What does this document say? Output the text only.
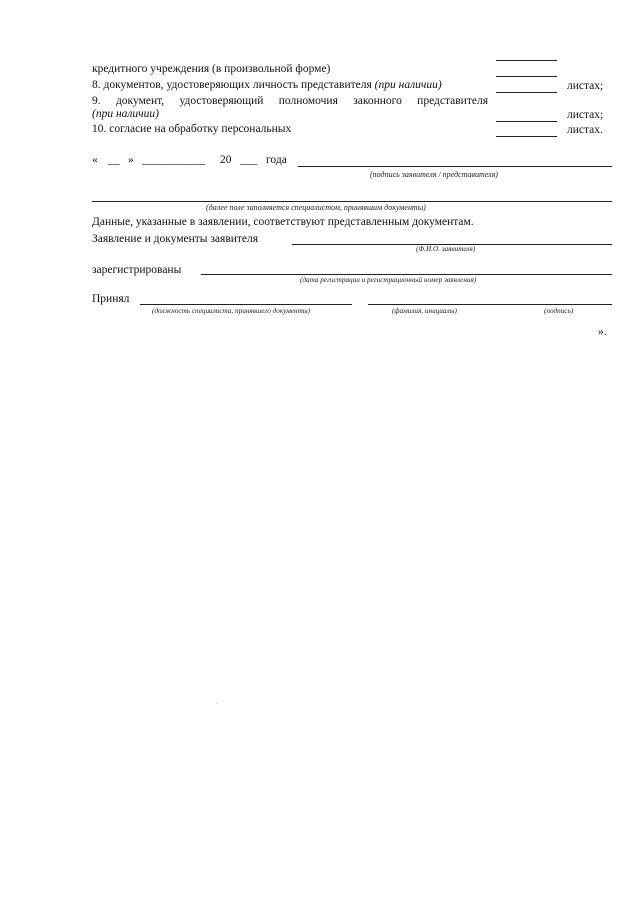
кредитного учреждения (в произвольной форме)
8. документов, удостоверяющих личность представителя (при наличии)	листах;
9. документ, удостоверяющий полномочия законного представителя
(при наличии)	листах;
10. согласие на обработку персональных	листах.
« __ » ___________ 20 ___ года
(подпись заявителя / представителя)
(далее поле заполняется специалистом, принявшим документы)
Данные, указанные в заявлении, соответствуют представленным документам.
Заявление и документы заявителя
(Ф.И.О. заявителя)
зарегистрированы
(дата регистрации и регистрационный номер заявления)
Принял
(должность специалиста, принявшего документы)	(фамилия, инициалы)	(подпись)
».
